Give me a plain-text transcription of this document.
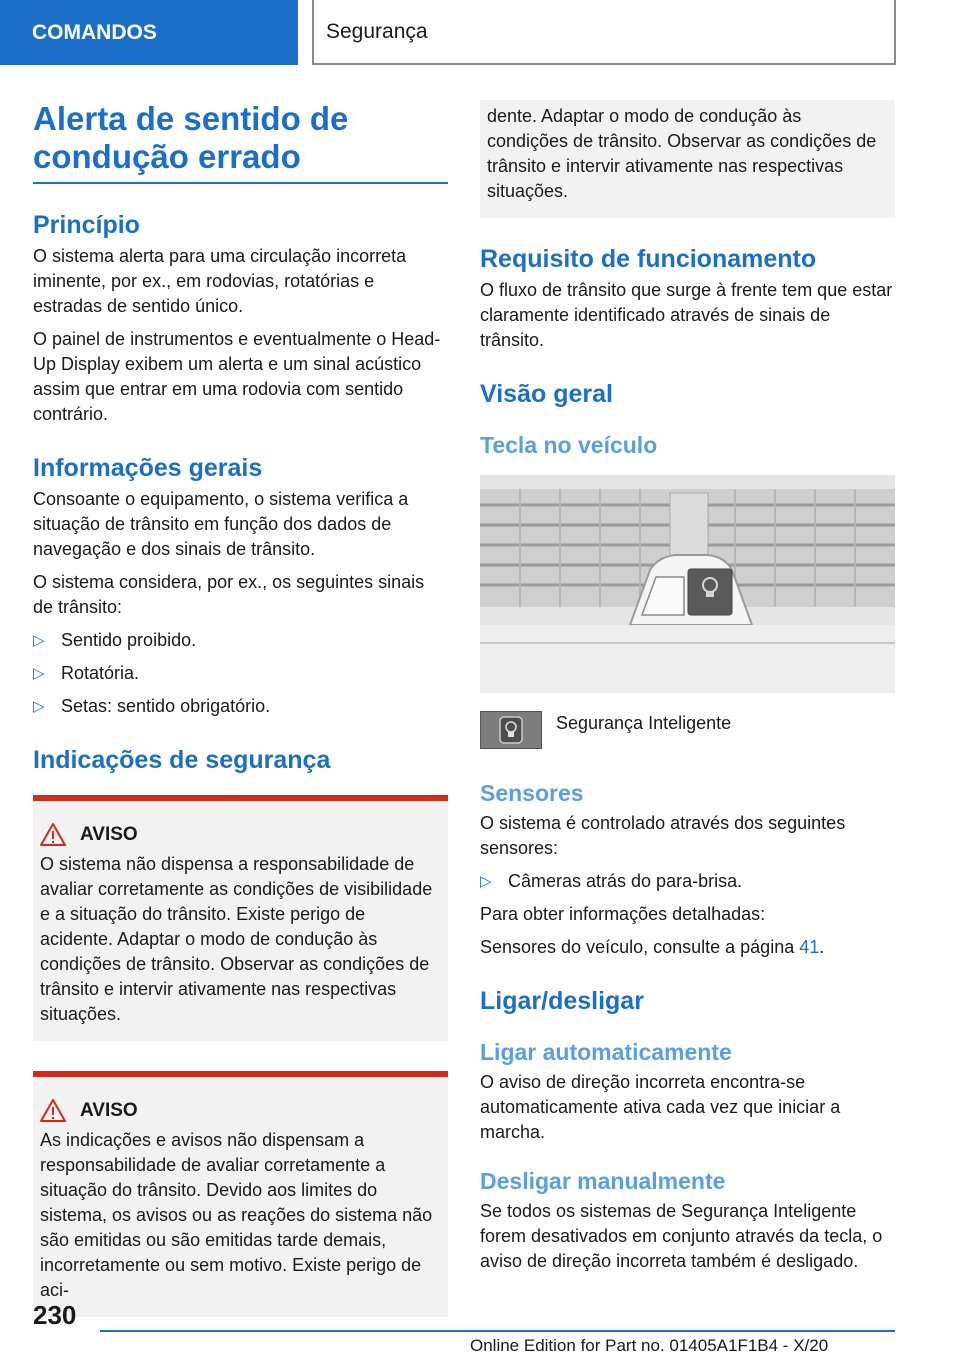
COMANDOS	Segurança
Alerta de sentido de condução errado
Princípio

O sistema alerta para uma circulação incorreta iminente, por ex., em rodovias, rotatórias e estradas de sentido único.

O painel de instrumentos e eventualmente o Head-Up Display exibem um alerta e um sinal acústico assim que entrar em uma rodovia com sentido contrário.

Informações gerais

Consoante o equipamento, o sistema verifica a situação de trânsito em função dos dados de navegação e dos sinais de trânsito.

O sistema considera, por ex., os seguintes sinais de trânsito:

▷ Sentido proibido.
▷ Rotatória.
▷ Setas: sentido obrigatório.
Indicações de segurança
AVISO

O sistema não dispensa a responsabilidade de avaliar corretamente as condições de visibilidade e a situação do trânsito. Existe perigo de acidente. Adaptar o modo de condução às condições de trânsito. Observar as condições de trânsito e intervir ativamente nas respectivas situações.

AVISO

As indicações e avisos não dispensam a responsabilidade de avaliar corretamente a situação do trânsito. Devido aos limites do sistema, os avisos ou as reações do sistema não são emitidas ou são emitidas tarde demais, incorretamente ou sem motivo. Existe perigo de aci-

dente. Adaptar o modo de condução às condições de trânsito. Observar as condições de trânsito e intervir ativamente nas respectivas situações.

Requisito de funcionamento

O fluxo de trânsito que surge à frente tem que estar claramente identificado através de sinais de trânsito.

Visão geral
Tecla no veículo

Segurança Inteligente

Sensores

O sistema é controlado através dos seguintes sensores:

▷ Câmeras atrás do para-brisa.

Para obter informações detalhadas:

Sensores do veículo, consulte a página 41.

Ligar/desligar
Ligar automaticamente

O aviso de direção incorreta encontra-se automaticamente ativa cada vez que iniciar a marcha.

Desligar manualmente

Se todos os sistemas de Segurança Inteligente forem desativados em conjunto através da tecla, o aviso de direção incorreta também é desligado.

230
Online Edition for Part no. 01405A1F1B4 - X/20
